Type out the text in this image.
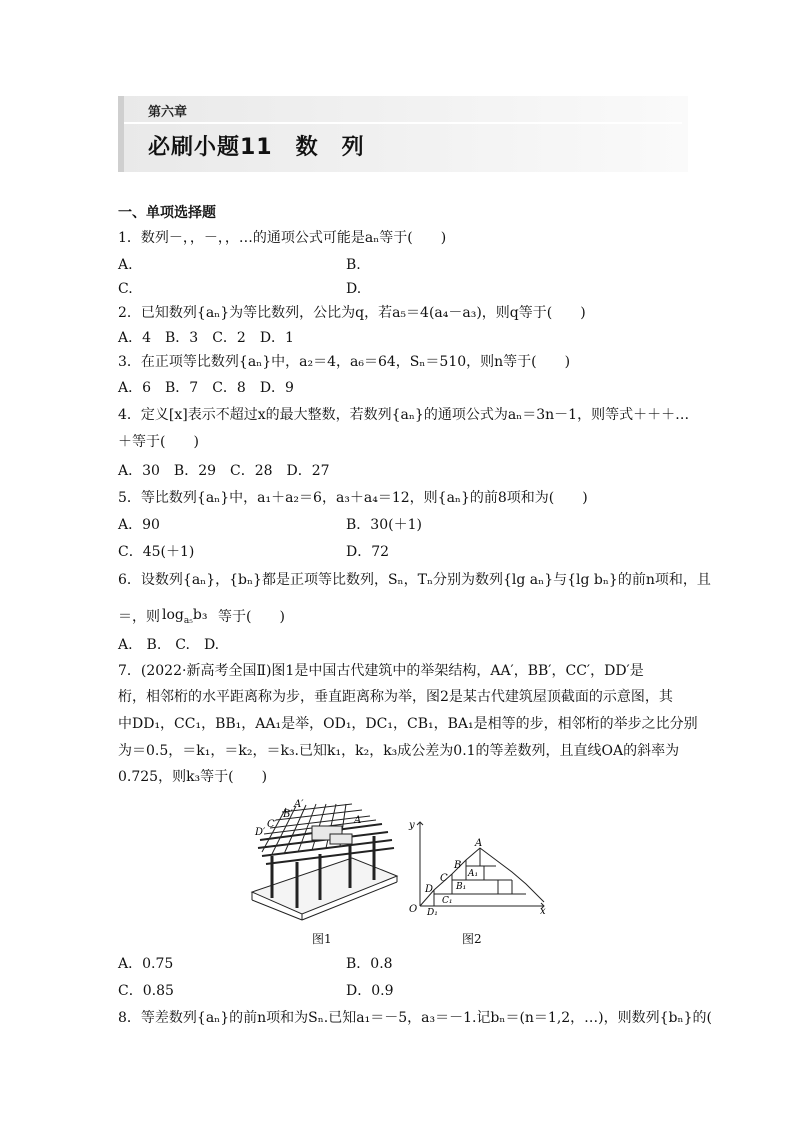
第六章
必刷小题11　数　列
一、单项选择题
1．数列－，，－，，…的通项公式可能是aₙ等于(　　)
A.	B.
C.	D.
2．已知数列{aₙ}为等比数列，公比为q，若a₅＝4(a₄－a₃)，则q等于(　　)
A．4　B．3　C．2　D．1
3．在正项等比数列{aₙ}中，a₂＝4，a₆＝64，Sₙ＝510，则n等于(　　)
A．6　B．7　C．8　D．9
4．定义[x]表示不超过x的最大整数，若数列{aₙ}的通项公式为aₙ＝3n－1，则等式＋＋＋…
＋等于(　　)
A．30　B．29　C．28　D．27
5．等比数列{aₙ}中，a₁＋a₂＝6，a₃＋a₄＝12，则{aₙ}的前8项和为(　　)
A．90	B．30(＋1)
C．45(＋1)	D．72
6．设数列{aₙ}，{bₙ}都是正项等比数列，Sₙ，Tₙ分别为数列{lg aₙ}与{lg bₙ}的前n项和，且
＝，则 $\log_{a_5}b_3$ 等于(　　)
A.　B.　C.　D.
7．(2022·新高考全国Ⅱ)图1是中国古代建筑中的举架结构，AA′，BB′，CC′，DD′是
桁，相邻桁的水平距离称为步，垂直距离称为举，图2是某古代建筑屋顶截面的示意图，其
中DD₁，CC₁，BB₁，AA₁是举，OD₁，DC₁，CB₁，BA₁是相等的步，相邻桁的举步之比分别
为＝0.5，＝k₁，＝k₂，＝k₃.已知k₁，k₂，k₃成公差为0.1的等差数列，且直线OA的斜率为
0.725，则k₃等于(　　)
A′
B′
C′
D′
A
图1
y
x
O
A
B
C
D
A₁
B₁
C₁
D₁
图2
A．0.75	B．0.8
C．0.85	D．0.9
8．等差数列{aₙ}的前n项和为Sₙ.已知a₁＝－5，a₃＝－1.记bₙ＝(n＝1,2，…)，则数列{bₙ}的(
